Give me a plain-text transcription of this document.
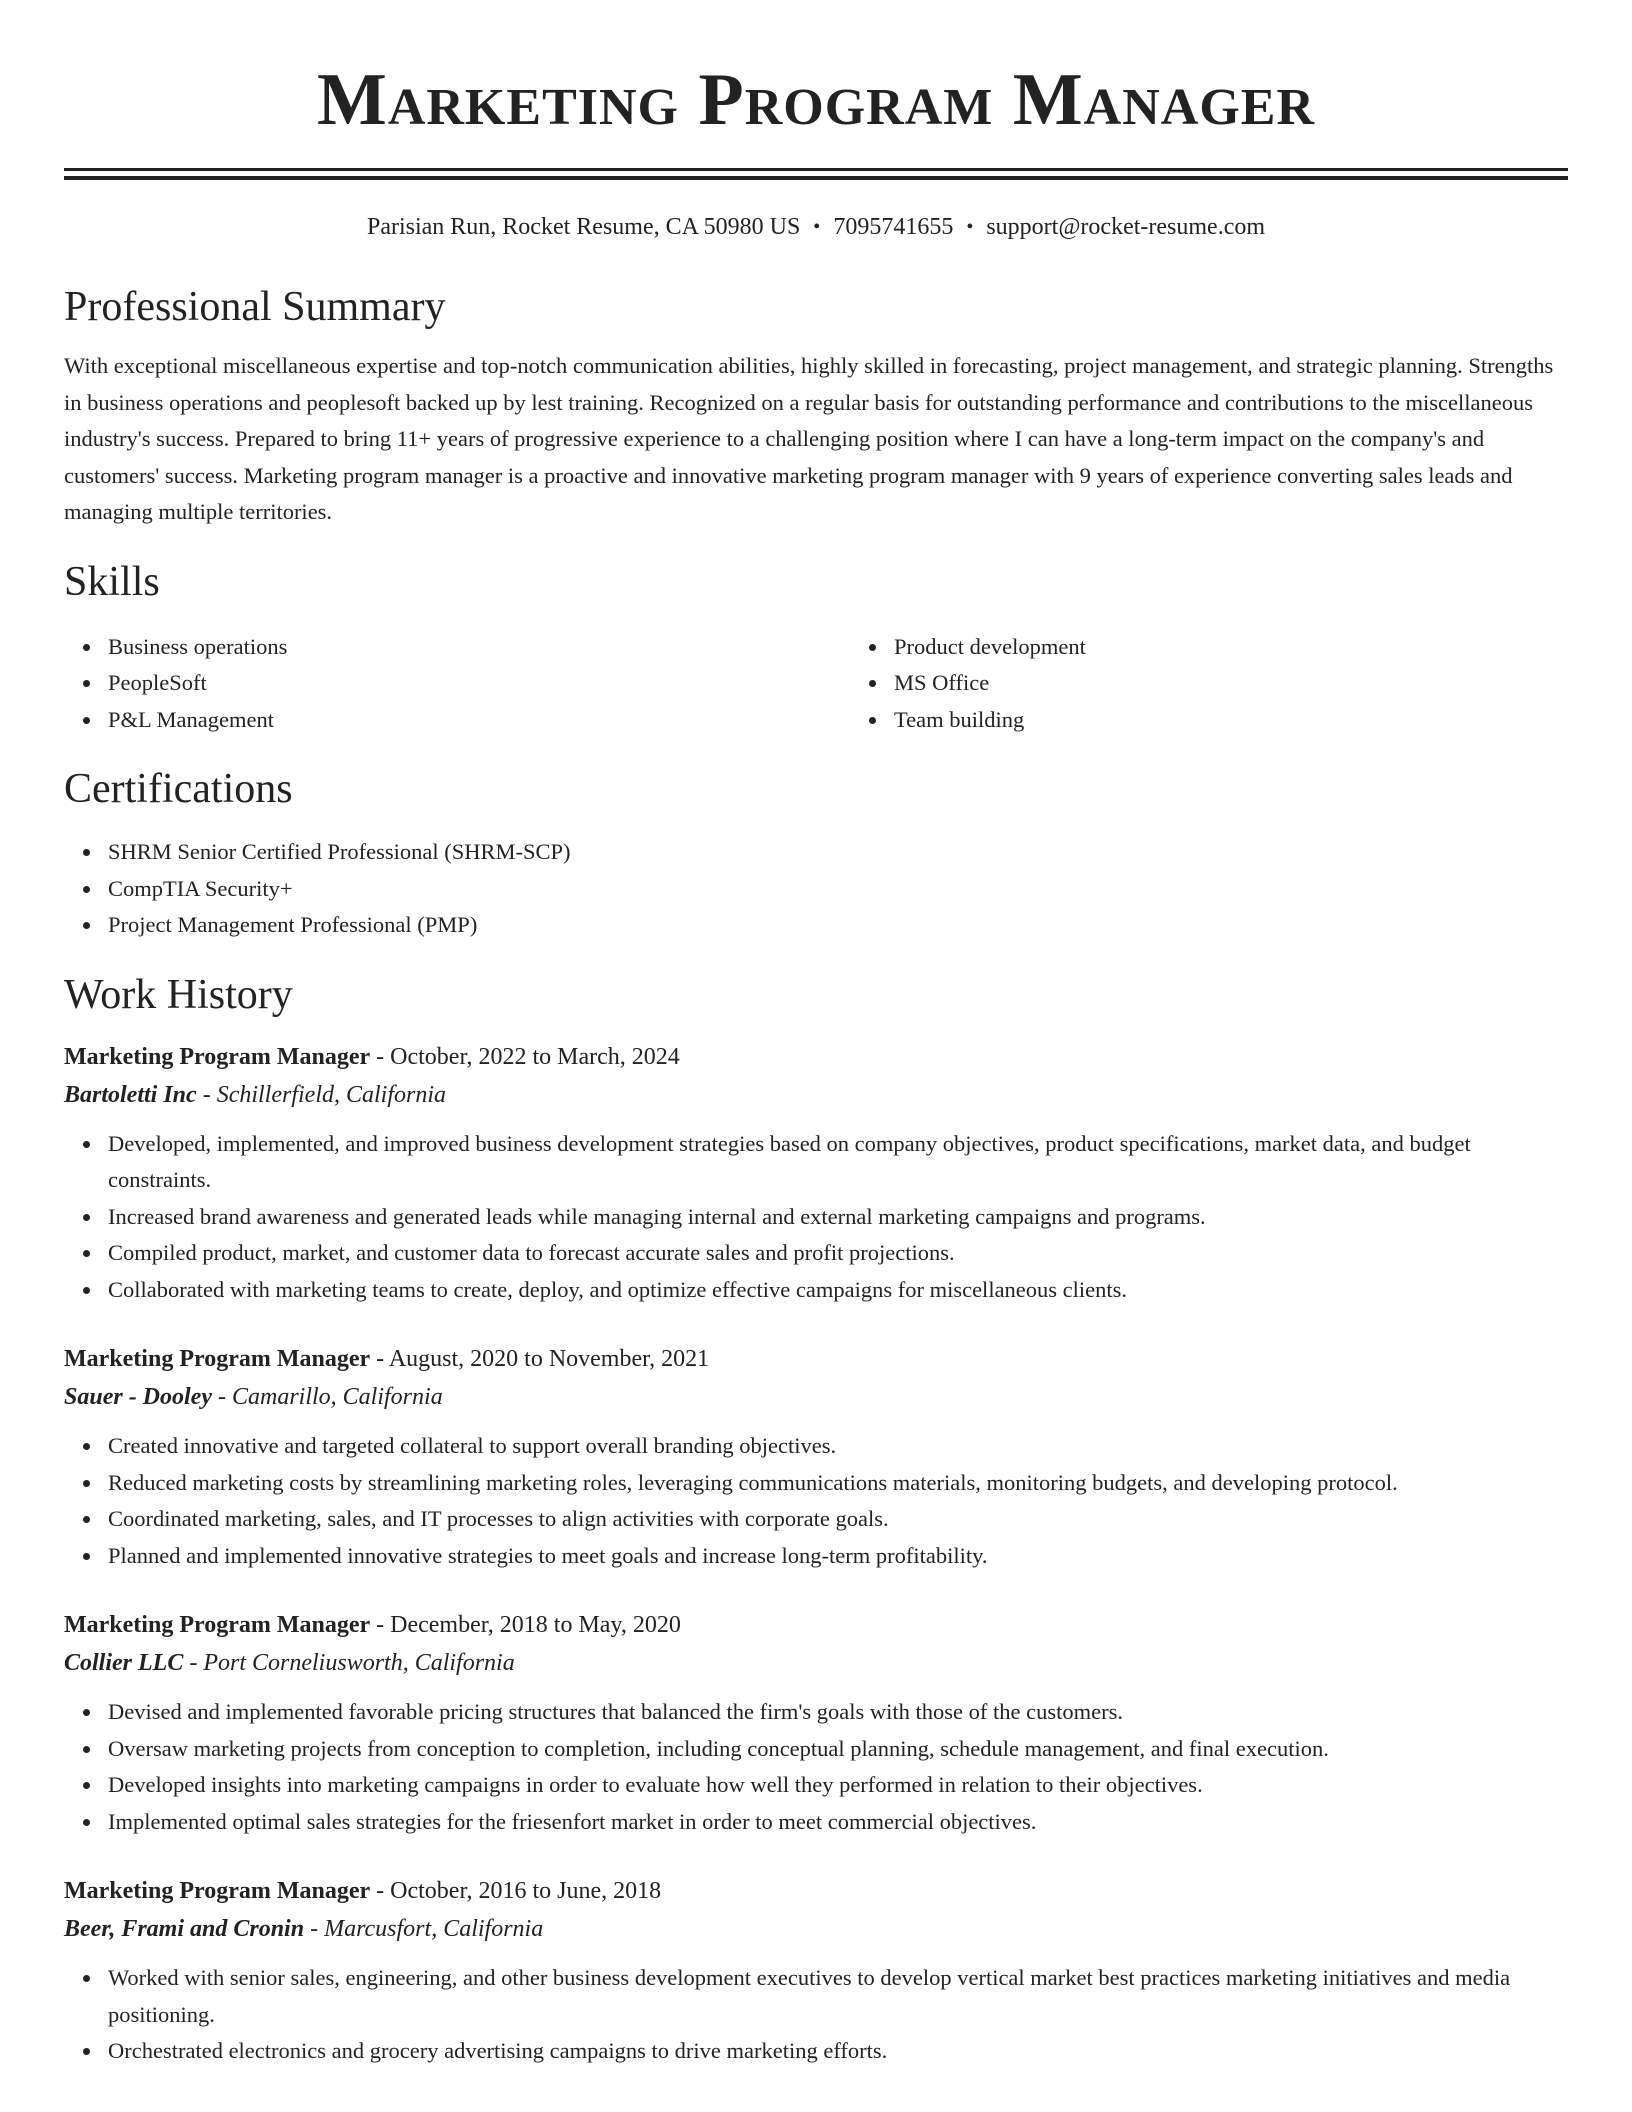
Marketing Program Manager
Parisian Run, Rocket Resume, CA 50980 US • 7095741655 • support@rocket-resume.com
Professional Summary

With exceptional miscellaneous expertise and top-notch communication abilities, highly skilled in forecasting, project management, and strategic planning. Strengths in business operations and peoplesoft backed up by lest training. Recognized on a regular basis for outstanding performance and contributions to the miscellaneous industry's success. Prepared to bring 11+ years of progressive experience to a challenging position where I can have a long-term impact on the company's and customers' success. Marketing program manager is a proactive and innovative marketing program manager with 9 years of experience converting sales leads and managing multiple territories.

Skills
Business operations
PeopleSoft
P&L Management
Product development
MS Office
Team building
Certifications
SHRM Senior Certified Professional (SHRM-SCP)
CompTIA Security+
Project Management Professional (PMP)
Work History
Marketing Program Manager - October, 2022 to March, 2024
Bartoletti Inc - Schillerfield, California
Developed, implemented, and improved business development strategies based on company objectives, product specifications, market data, and budget constraints.
Increased brand awareness and generated leads while managing internal and external marketing campaigns and programs.
Compiled product, market, and customer data to forecast accurate sales and profit projections.
Collaborated with marketing teams to create, deploy, and optimize effective campaigns for miscellaneous clients.
Marketing Program Manager - August, 2020 to November, 2021
Sauer - Dooley - Camarillo, California
Created innovative and targeted collateral to support overall branding objectives.
Reduced marketing costs by streamlining marketing roles, leveraging communications materials, monitoring budgets, and developing protocol.
Coordinated marketing, sales, and IT processes to align activities with corporate goals.
Planned and implemented innovative strategies to meet goals and increase long-term profitability.
Marketing Program Manager - December, 2018 to May, 2020
Collier LLC - Port Corneliusworth, California
Devised and implemented favorable pricing structures that balanced the firm's goals with those of the customers.
Oversaw marketing projects from conception to completion, including conceptual planning, schedule management, and final execution.
Developed insights into marketing campaigns in order to evaluate how well they performed in relation to their objectives.
Implemented optimal sales strategies for the friesenfort market in order to meet commercial objectives.
Marketing Program Manager - October, 2016 to June, 2018
Beer, Frami and Cronin - Marcusfort, California
Worked with senior sales, engineering, and other business development executives to develop vertical market best practices marketing initiatives and media positioning.
Orchestrated electronics and grocery advertising campaigns to drive marketing efforts.
